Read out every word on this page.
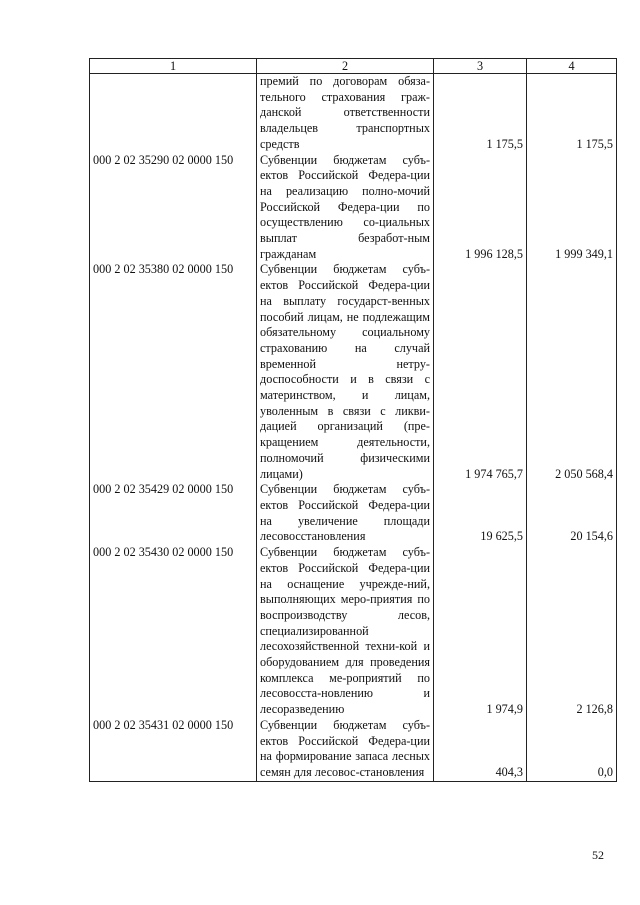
1	2	3	4
	премий по договорам обяза-тельного страхования граж-данской ответственности владельцев транспортных средств	1 175,5	1 175,5
000 2 02 35290 02 0000 150	Субвенции бюджетам субъ-ектов Российской Федера-ции на реализацию полно-мочий Российской Федера-ции по осуществлению со-циальных выплат безработ-ным гражданам	1 996 128,5	1 999 349,1
000 2 02 35380 02 0000 150	Субвенции бюджетам субъ-ектов Российской Федера-ции на выплату государст-венных пособий лицам, не подлежащим обязательному социальному страхованию на случай временной нетру-доспособности и в связи с материнством, и лицам, уволенным в связи с ликви-дацией организаций (пре-кращением деятельности, полномочий физическими лицами)	1 974 765,7	2 050 568,4
000 2 02 35429 02 0000 150	Субвенции бюджетам субъ-ектов Российской Федера-ции на увеличение площади лесовосстановления	19 625,5	20 154,6
000 2 02 35430 02 0000 150	Субвенции бюджетам субъ-ектов Российской Федера-ции на оснащение учрежде-ний, выполняющих меро-приятия по воспроизводству лесов, специализированной лесохозяйственной техни-кой и оборудованием для проведения комплекса ме-роприятий по лесовосста-новлению и лесоразведению	1 974,9	2 126,8
000 2 02 35431 02 0000 150	Субвенции бюджетам субъ-ектов Российской Федера-ции на формирование запаса лесных семян для лесовос-становления	404,3	0,0
52
